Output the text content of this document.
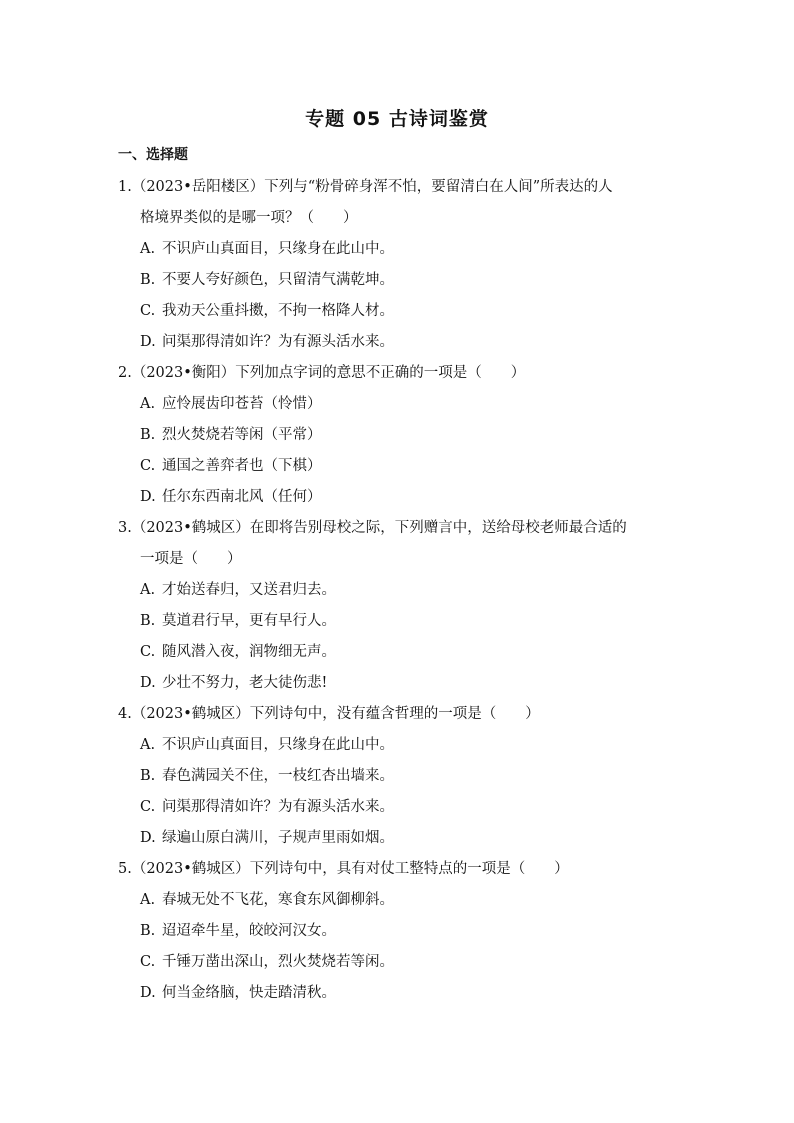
专题 05 古诗词鉴赏
一、选择题
1.（2023•岳阳楼区）下列与“粉骨碎身浑不怕，要留清白在人间”所表达的人
格境界类似的是哪一项？（　　）
A. 不识庐山真面目，只缘身在此山中。
B. 不要人夸好颜色，只留清气满乾坤。
C. 我劝天公重抖擞，不拘一格降人材。
D. 问渠那得清如许？为有源头活水来。
2.（2023•衡阳）下列加点字词的意思不正确的一项是（　　）
A. 应怜展齿印苍苔（怜惜）
B. 烈火焚烧若等闲（平常）
C. 通国之善弈者也（下棋）
D. 任尔东西南北风（任何）
3.（2023•鹤城区）在即将告别母校之际，下列赠言中，送给母校老师最合适的
一项是（　　）
A. 才始送春归，又送君归去。
B. 莫道君行早，更有早行人。
C. 随风潜入夜，润物细无声。
D. 少壮不努力，老大徒伤悲!
4.（2023•鹤城区）下列诗句中，没有蕴含哲理的一项是（　　）
A. 不识庐山真面目，只缘身在此山中。
B. 春色满园关不住，一枝红杏出墙来。
C. 问渠那得清如许？为有源头活水来。
D. 绿遍山原白满川，子规声里雨如烟。
5.（2023•鹤城区）下列诗句中，具有对仗工整特点的一项是（　　）
A. 春城无处不飞花，寒食东风御柳斜。
B. 迢迢牵牛星，皎皎河汉女。
C. 千锤万凿出深山，烈火焚烧若等闲。
D. 何当金络脑，快走踏清秋。
